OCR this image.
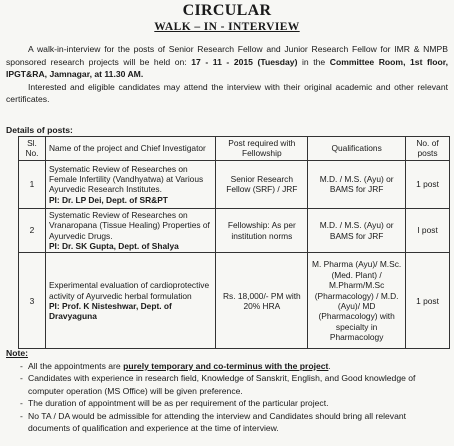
CIRCULAR
WALK – IN - INTERVIEW

A walk-in-interview for the posts of Senior Research Fellow and Junior Research Fellow for IMR & NMPB sponsored research projects will be held on: 17 - 11 - 2015 (Tuesday) in the Committee Room, 1st floor, IPGT&RA, Jamnagar, at 11.30 AM.

Interested and eligible candidates may attend the interview with their original academic and other relevant certificates.

Details of posts:
Sl. No.	Name of the project and Chief Investigator	Post required with Fellowship	Qualifications	No. of posts
1	Systematic Review of Researches on Female Infertility (Vandhyatwa) at Various Ayurvedic Research Institutes.
PI: Dr. LP Dei, Dept. of SR&PT	Senior Research Fellow (SRF) / JRF	M.D. / M.S. (Ayu) or BAMS for JRF	1 post
2	Systematic Review of Researches on Vranaropana (Tissue Healing) Properties of Ayurvedic Drugs.
PI: Dr. SK Gupta, Dept. of Shalya	Fellowship: As per institution norms	M.D. / M.S. (Ayu) or BAMS for JRF	I post
3	Experimental evaluation of cardioprotective activity of Ayurvedic herbal formulation
PI: Prof. K Nisteshwar, Dept. of Dravyaguna	Rs. 18,000/- PM with 20% HRA	M. Pharma (Ayu)/ M.Sc. (Med. Plant) / M.Pharm/M.Sc (Pharmacology) / M.D. (Ayu)/ MD (Pharmacology) with specialty in Pharmacology	1 post
Note:
- All the appointments are purely temporary and co-terminus with the project.
- Candidates with experience in research field, Knowledge of Sanskrit, English, and Good knowledge of computer operation (MS Office) will be given preference.
- The duration of appointment will be as per requirement of the particular project.
- No TA / DA would be admissible for attending the interview and Candidates should bring all relevant documents of qualification and experience at the time of interview.
